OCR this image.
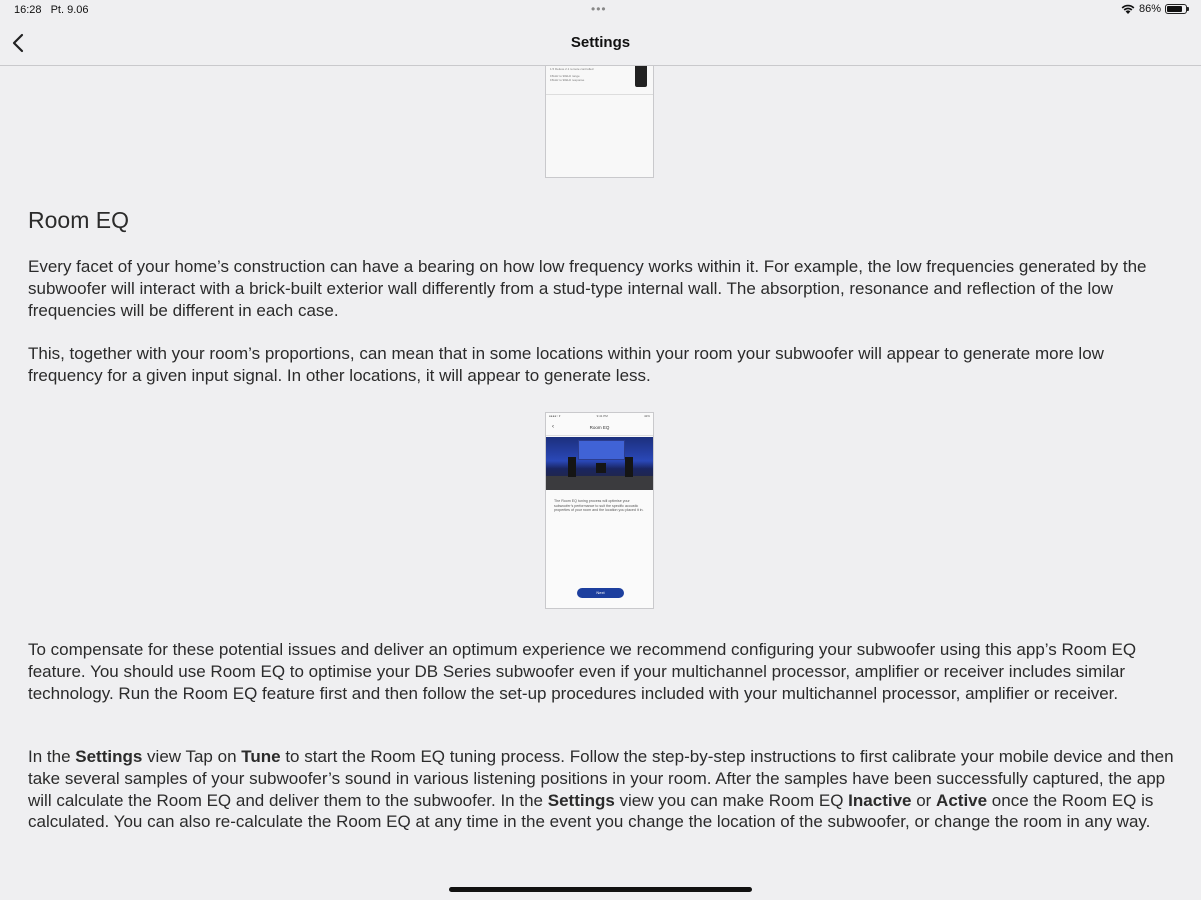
16:28 Pt. 9.06	•••	86%
Settings
1.5 Deluxe 2.1 remote controlled
15kHz to 90kHz range
15kHz to 90kHz response
Room EQ

Every facet of your home’s construction can have a bearing on how low frequency works within it. For example, the low frequencies generated by the subwoofer will interact with a brick-built exterior wall differently from a stud-type internal wall. The absorption, resonance and reflection of the low frequencies will be different in each case.

This, together with your room’s proportions, can mean that in some locations within your room your subwoofer will appear to generate more low frequency for a given input signal. In other locations, it will appear to generate less.

●●●●○ ▾	9:41 PM	42%
‹	Room EQ
The Room EQ tuning process will optimise your subwoofer’s performance to suit the specific acoustic properties of your room and the location you placed it in.
Next

To compensate for these potential issues and deliver an optimum experience we recommend configuring your subwoofer using this app’s Room EQ feature. You should use Room EQ to optimise your DB Series subwoofer even if your multichannel processor, amplifier or receiver includes similar technology. Run the Room EQ feature first and then follow the set-up procedures included with your multichannel processor, amplifier or receiver.

In the Settings view Tap on Tune to start the Room EQ tuning process. Follow the step-by-step instructions to first calibrate your mobile device and then take several samples of your subwoofer’s sound in various listening positions in your room. After the samples have been successfully captured, the app will calculate the Room EQ and deliver them to the subwoofer. In the Settings view you can make Room EQ Inactive or Active once the Room EQ is calculated. You can also re-calculate the Room EQ at any time in the event you change the location of the subwoofer, or change the room in any way.
